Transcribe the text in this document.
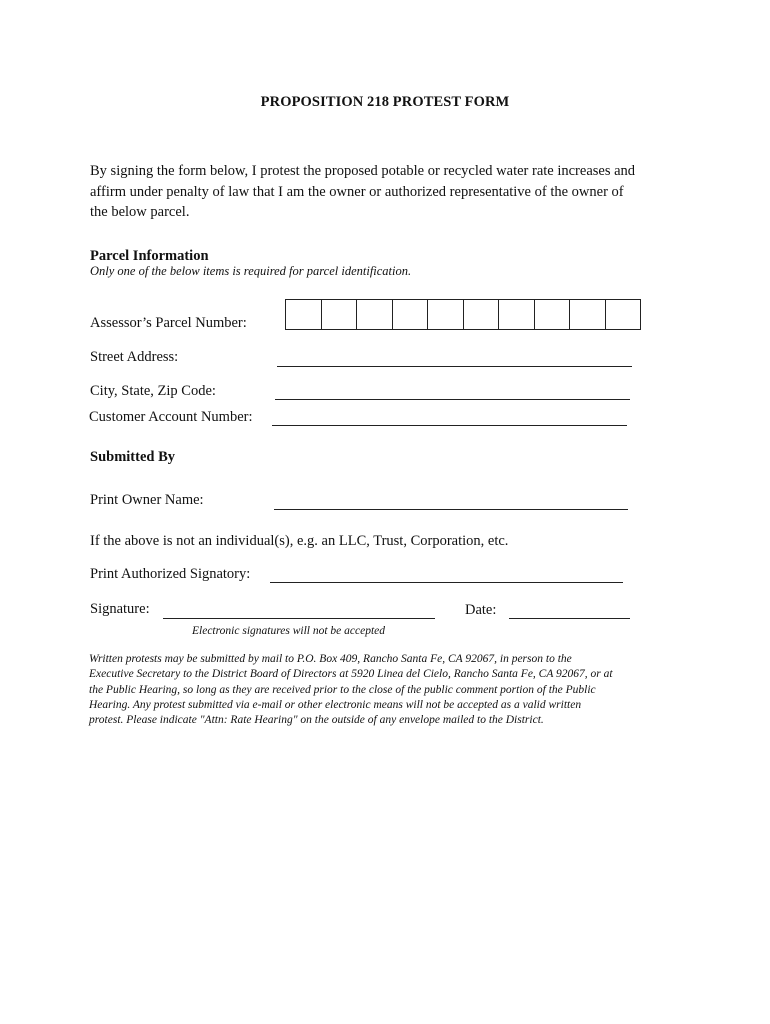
PROPOSITION 218 PROTEST FORM

By signing the form below, I protest the proposed potable or recycled water rate increases and

affirm under penalty of law that I am the owner or authorized representative of the owner of

the below parcel.

Parcel Information
Only one of the below items is required for parcel identification.
Assessor’s Parcel Number:
Street Address:
City, State, Zip Code:
Customer Account Number:
Submitted By
Print Owner Name:
If the above is not an individual(s), e.g. an LLC, Trust, Corporation, etc.
Print Authorized Signatory:
Signature:	Date:
Electronic signatures will not be accepted

Written protests may be submitted by mail to P.O. Box 409, Rancho Santa Fe, CA 92067, in person to the

Executive Secretary to the District Board of Directors at 5920 Linea del Cielo, Rancho Santa Fe, CA 92067, or at

the Public Hearing, so long as they are received prior to the close of the public comment portion of the Public

Hearing. Any protest submitted via e-mail or other electronic means will not be accepted as a valid written

protest. Please indicate "Attn: Rate Hearing" on the outside of any envelope mailed to the District.
